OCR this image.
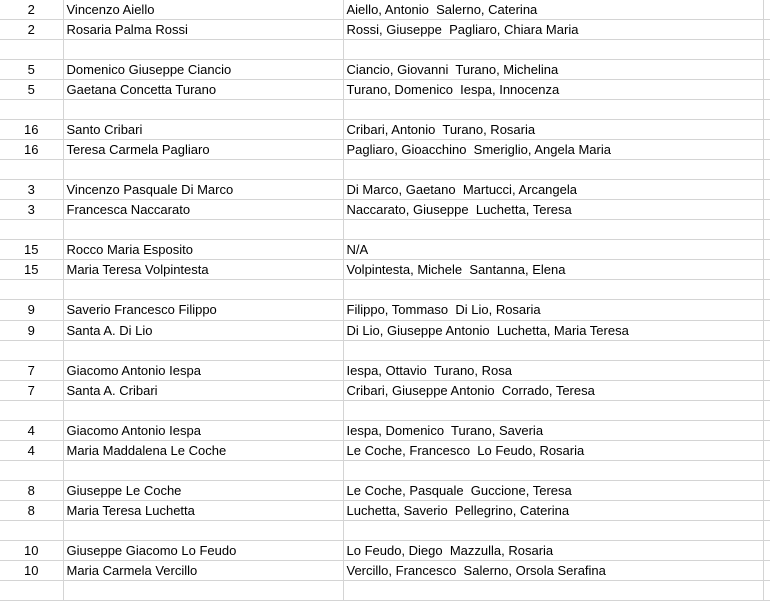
2	Vincenzo Aiello	Aiello, Antonio  Salerno, Caterina	
2	Rosaria Palma Rossi	Rossi, Giuseppe  Pagliaro, Chiara Maria	

5	Domenico Giuseppe Ciancio	Ciancio, Giovanni  Turano, Michelina	
5	Gaetana Concetta Turano	Turano, Domenico  Iespa, Innocenza	

16	Santo Cribari	Cribari, Antonio  Turano, Rosaria	
16	Teresa Carmela Pagliaro	Pagliaro, Gioacchino  Smeriglio, Angela Maria	

3	Vincenzo Pasquale Di Marco	Di Marco, Gaetano  Martucci, Arcangela	
3	Francesca Naccarato	Naccarato, Giuseppe  Luchetta, Teresa	

15	Rocco Maria Esposito	N/A	
15	Maria Teresa Volpintesta	Volpintesta, Michele  Santanna, Elena	

9	Saverio Francesco Filippo	Filippo, Tommaso  Di Lio, Rosaria	
9	Santa A. Di Lio	Di Lio, Giuseppe Antonio  Luchetta, Maria Teresa	

7	Giacomo Antonio Iespa	Iespa, Ottavio  Turano, Rosa	
7	Santa A. Cribari	Cribari, Giuseppe Antonio  Corrado, Teresa	

4	Giacomo Antonio Iespa	Iespa, Domenico  Turano, Saveria	
4	Maria Maddalena Le Coche	Le Coche, Francesco  Lo Feudo, Rosaria	

8	Giuseppe Le Coche	Le Coche, Pasquale  Guccione, Teresa	
8	Maria Teresa Luchetta	Luchetta, Saverio  Pellegrino, Caterina	

10	Giuseppe Giacomo Lo Feudo	Lo Feudo, Diego  Mazzulla, Rosaria	
10	Maria Carmela Vercillo	Vercillo, Francesco  Salerno, Orsola Serafina	
